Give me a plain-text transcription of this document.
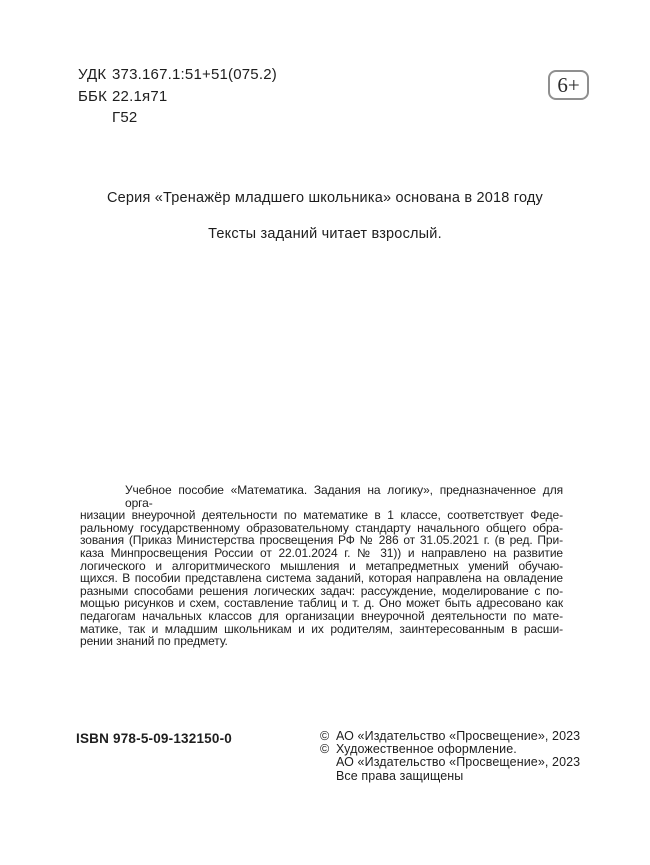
УДК 373.167.1:51+51(075.2)
ББК 22.1я71
Г52
6+
Серия «Тренажёр младшего школьника» основана в 2018 году
Тексты заданий читает взрослый.
Учебное пособие «Математика. Задания на логику», предназначенное для орга-
низации внеурочной деятельности по математике в 1 классе, соответствует Феде-
ральному государственному образовательному стандарту начального общего обра-
зования (Приказ Министерства просвещения РФ № 286 от 31.05.2021 г. (в ред. При-
каза Минпросвещения России от 22.01.2024 г. № 31)) и направлено на развитие
логического и алгоритмического мышления и метапредметных умений обучаю-
щихся. В пособии представлена система заданий, которая направлена на овладение
разными способами решения логических задач: рассуждение, моделирование с по-
мощью рисунков и схем, составление таблиц и т. д. Оно может быть адресовано как
педагогам начальных классов для организации внеурочной деятельности по мате-
матике, так и младшим школьникам и их родителям, заинтересованным в расши-
рении знаний по предмету.
ISBN 978-5-09-132150-0	© АО «Издательство «Просвещение», 2023
© Художественное оформление.
АО «Издательство «Просвещение», 2023
Все права защищены
